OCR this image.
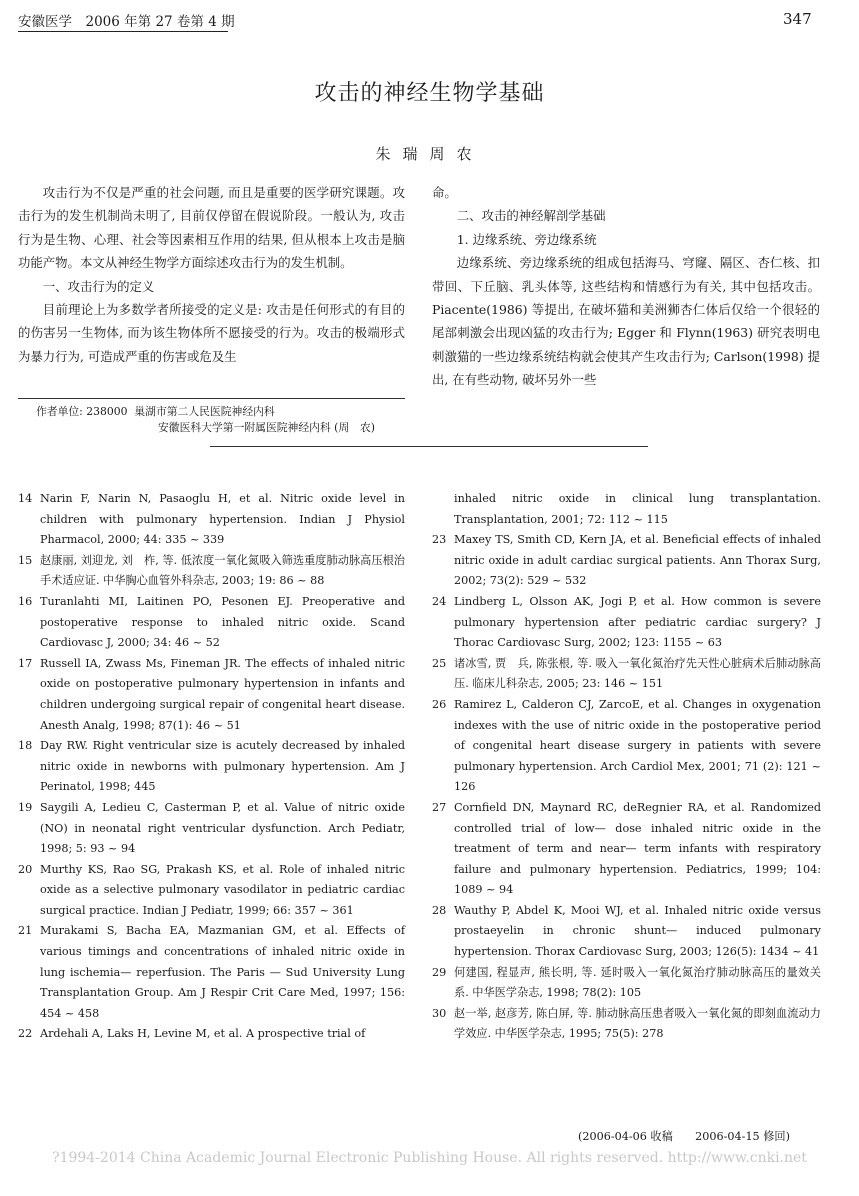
安徽医学　2006 年第 27 卷第 4 期	347
攻击的神经生物学基础
朱瑞周农

攻击行为不仅是严重的社会问题, 而且是重要的医学研究课题。攻击行为的发生机制尚未明了, 目前仅停留在假说阶段。一般认为, 攻击行为是生物、心理、社会等因素相互作用的结果, 但从根本上攻击是脑功能产物。本文从神经生物学方面综述攻击行为的发生机制。

一、攻击行为的定义

目前理论上为多数学者所接受的定义是: 攻击是任何形式的有目的的伤害另一生物体, 而为该生物体所不愿接受的行为。攻击的极端形式为暴力行为, 可造成严重的伤害或危及生

命。

二、攻击的神经解剖学基础

1. 边缘系统、旁边缘系统

边缘系统、旁边缘系统的组成包括海马、穹窿、隔区、杏仁核、扣带回、下丘脑、乳头体等, 这些结构和情感行为有关, 其中包括攻击。Piacente(1986) 等提出, 在破坏猫和美洲狮杏仁体后仅给一个很轻的尾部刺激会出现凶猛的攻击行为; Egger 和 Flynn(1963) 研究表明电刺激猫的一些边缘系统结构就会使其产生攻击行为; Carlson(1998) 提出, 在有些动物, 破坏另外一些

作者单位: 238000 巢湖市第二人民医院神经内科
安徽医科大学第一附属医院神经内科 (周　农)
14 Narin F, Narin N, Pasaoglu H, et al. Nitric oxide level in children with pulmonary hypertension. Indian J Physiol Pharmacol, 2000; 44: 335 ~ 339
15 赵康丽, 刘迎龙, 刘　柞, 等. 低浓度一氧化氮吸入筛选重度肺动脉高压根治手术适应证. 中华胸心血管外科杂志, 2003; 19: 86 ~ 88
16 Turanlahti MI, Laitinen PO, Pesonen EJ. Preoperative and postoperative response to inhaled nitric oxide. Scand Cardiovasc J, 2000; 34: 46 ~ 52
17 Russell IA, Zwass Ms, Fineman JR. The effects of inhaled nitric oxide on postoperative pulmonary hypertension in infants and children undergoing surgical repair of congenital heart disease. Anesth Analg, 1998; 87(1): 46 ~ 51
18 Day RW. Right ventricular size is acutely decreased by inhaled nitric oxide in newborns with pulmonary hypertension. Am J Perinatol, 1998; 445
19 Saygili A, Ledieu C, Casterman P, et al. Value of nitric oxide (NO) in neonatal right ventricular dysfunction. Arch Pediatr, 1998; 5: 93 ~ 94
20 Murthy KS, Rao SG, Prakash KS, et al. Role of inhaled nitric oxide as a selective pulmonary vasodilator in pediatric cardiac surgical practice. Indian J Pediatr, 1999; 66: 357 ~ 361
21 Murakami S, Bacha EA, Mazmanian GM, et al. Effects of various timings and concentrations of inhaled nitric oxide in lung ischemia— reperfusion. The Paris — Sud University Lung Transplantation Group. Am J Respir Crit Care Med, 1997; 156: 454 ~ 458
22 Ardehali A, Laks H, Levine M, et al. A prospective trial of
inhaled nitric oxide in clinical lung transplantation. Transplantation, 2001; 72: 112 ~ 115
23 Maxey TS, Smith CD, Kern JA, et al. Beneficial effects of inhaled nitric oxide in adult cardiac surgical patients. Ann Thorax Surg, 2002; 73(2): 529 ~ 532
24 Lindberg L, Olsson AK, Jogi P, et al. How common is severe pulmonary hypertension after pediatric cardiac surgery? J Thorac Cardiovasc Surg, 2002; 123: 1155 ~ 63
25 诸冰雪, 贾　兵, 陈张根, 等. 吸入一氧化氮治疗先天性心脏病术后肺动脉高压. 临床儿科杂志, 2005; 23: 146 ~ 151
26 Ramirez L, Calderon CJ, ZarcoE, et al. Changes in oxygenation indexes with the use of nitric oxide in the postoperative period of congenital heart disease surgery in patients with severe pulmonary hypertension. Arch Cardiol Mex, 2001; 71 (2): 121 ~ 126
27 Cornfield DN, Maynard RC, deRegnier RA, et al. Randomized controlled trial of low— dose inhaled nitric oxide in the treatment of term and near— term infants with respiratory failure and pulmonary hypertension. Pediatrics, 1999; 104: 1089 ~ 94
28 Wauthy P, Abdel K, Mooi WJ, et al. Inhaled nitric oxide versus prostaeyelin in chronic shunt— induced pulmonary hypertension. Thorax Cardiovasc Surg, 2003; 126(5): 1434 ~ 41
29 何建国, 程显声, 熊长明, 等. 延时吸入一氧化氮治疗肺动脉高压的量效关系. 中华医学杂志, 1998; 78(2): 105
30 赵一举, 赵彦芳, 陈白屏, 等. 肺动脉高压患者吸入一氧化氮的即刻血流动力学效应. 中华医学杂志, 1995; 75(5): 278
(2006-04-06 收稿　　2006-04-15 修回)
?1994-2014 China Academic Journal Electronic Publishing House. All rights reserved. http://www.cnki.net
